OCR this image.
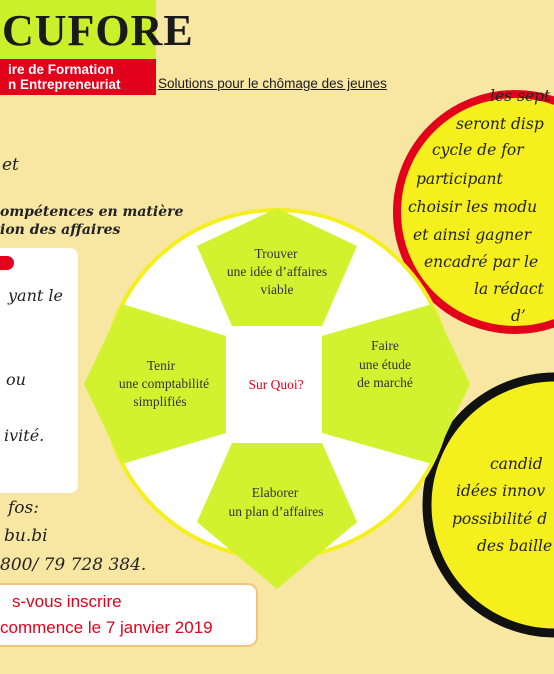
CUFORE
ire de Formation
n Entrepreneuriat	Solutions pour le chômage des jeunes
et
ompétences en matière
ion des affaires
yant le
ou
ivité.
fos:
bu.bi
800/ 79 728 384.
s-vous inscrire
commence le 7 janvier 2019
les sept
seront disp
cycle de for
participant
choisir les modu
et ainsi gagner
encadré par le
la rédact
d’
candid
idées innov
possibilité d
des baille
Sur Quoi?
Trouver
une idée d’affaires
viable
Faire
une étude
de marché
Elaborer
un plan d’affaires
Tenir
une comptabilité
simplifiés
